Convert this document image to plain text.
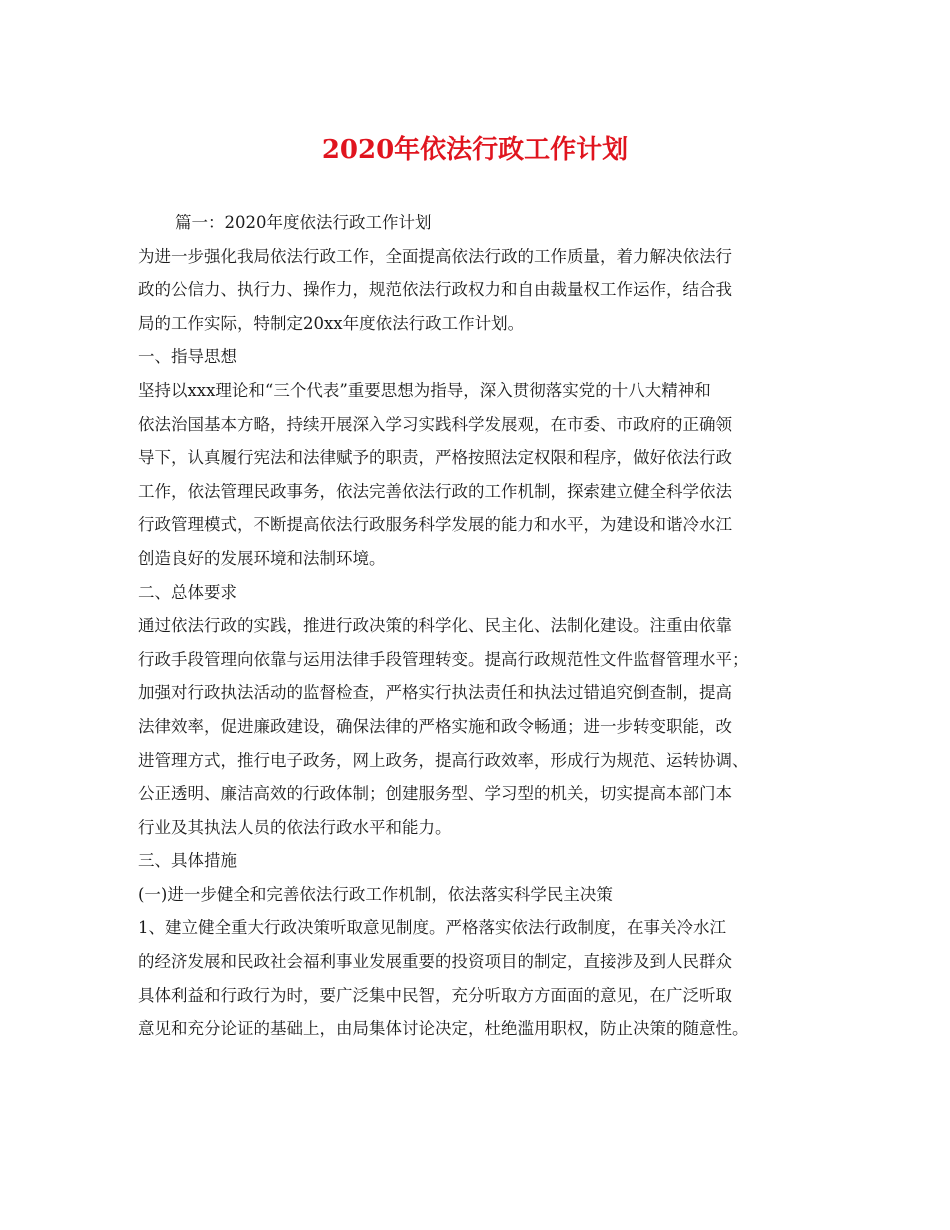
2020年依法行政工作计划

篇一：2020年度依法行政工作计划

为进一步强化我局依法行政工作，全面提高依法行政的工作质量，着力解决依法行

政的公信力、执行力、操作力，规范依法行政权力和自由裁量权工作运作，结合我

局的工作实际，特制定20xx年度依法行政工作计划。

一、指导思想

坚持以xxx理论和“三个代表”重要思想为指导，深入贯彻落实党的十八大精神和

依法治国基本方略，持续开展深入学习实践科学发展观，在市委、市政府的正确领

导下，认真履行宪法和法律赋予的职责，严格按照法定权限和程序，做好依法行政

工作，依法管理民政事务，依法完善依法行政的工作机制，探索建立健全科学依法

行政管理模式，不断提高依法行政服务科学发展的能力和水平，为建设和谐冷水江

创造良好的发展环境和法制环境。

二、总体要求

通过依法行政的实践，推进行政决策的科学化、民主化、法制化建设。注重由依靠

行政手段管理向依靠与运用法律手段管理转变。提高行政规范性文件监督管理水平；

加强对行政执法活动的监督检查，严格实行执法责任和执法过错追究倒查制，提高

法律效率，促进廉政建设，确保法律的严格实施和政令畅通；进一步转变职能，改

进管理方式，推行电子政务，网上政务，提高行政效率，形成行为规范、运转协调、

公正透明、廉洁高效的行政体制；创建服务型、学习型的机关，切实提高本部门本

行业及其执法人员的依法行政水平和能力。

三、具体措施

(一)进一步健全和完善依法行政工作机制，依法落实科学民主决策

1、建立健全重大行政决策听取意见制度。严格落实依法行政制度，在事关冷水江

的经济发展和民政社会福利事业发展重要的投资项目的制定，直接涉及到人民群众

具体利益和行政行为时，要广泛集中民智，充分听取方方面面的意见，在广泛听取

意见和充分论证的基础上，由局集体讨论决定，杜绝滥用职权，防止决策的随意性。
